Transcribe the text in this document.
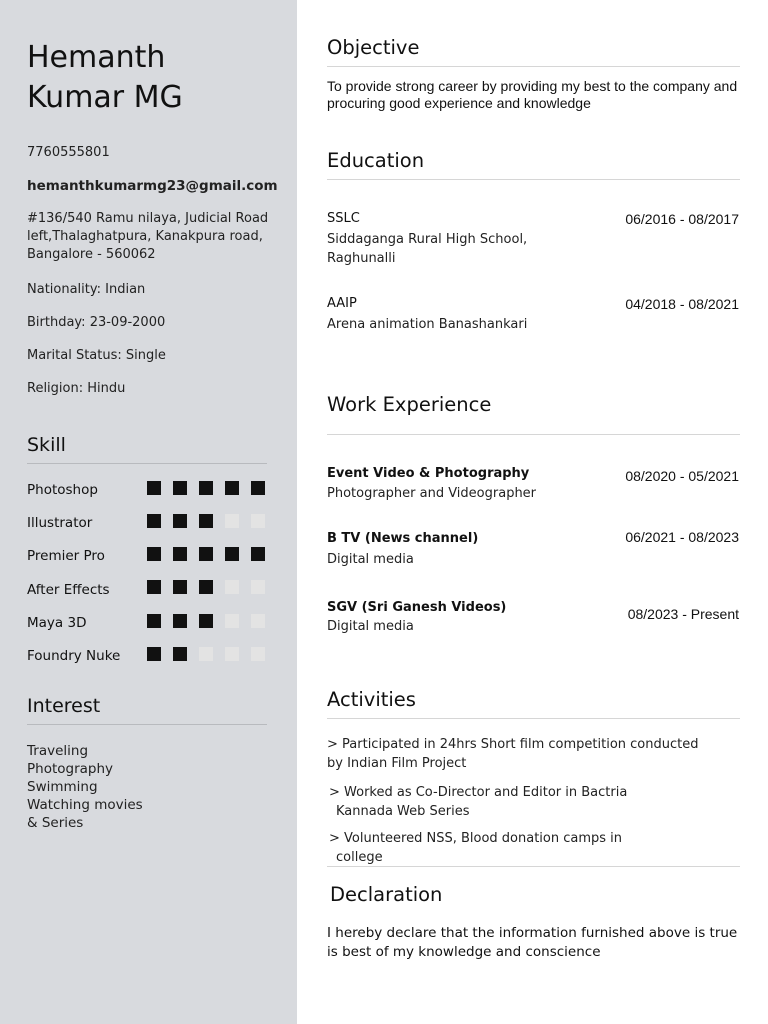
Hemanth
Kumar MG
7760555801
hemanthkumarmg23@gmail.com
#136/540 Ramu nilaya, Judicial Road
left,Thalaghatpura, Kanakpura road,
Bangalore - 560062
Nationality: Indian
Birthday: 23-09-2000
Marital Status: Single
Religion: Hindu
Skill
Photoshop
Illustrator
Premier Pro
After Effects
Maya 3D
Foundry Nuke
Interest
Traveling
Photography
Swimming
Watching movies
& Series
Objective
To provide strong career by providing my best to the company and procuring good experience and knowledge
Education
SSLC	06/2016 - 08/2017
Siddaganga Rural High School,
Raghunalli
AAIP	04/2018 - 08/2021
Arena animation Banashankari
Work Experience
Event Video & Photography	08/2020 - 05/2021
Photographer and Videographer
B TV (News channel)	06/2021 - 08/2023
Digital media
SGV (Sri Ganesh Videos)	08/2023 - Present
Digital media
Activities
> Participated in 24hrs Short film competition conducted
by Indian Film Project
> Worked as Co-Director and Editor in Bactria
Kannada Web Series
> Volunteered NSS, Blood donation camps in
college
Declaration
I hereby declare that the information furnished above is true is best of my knowledge and conscience
